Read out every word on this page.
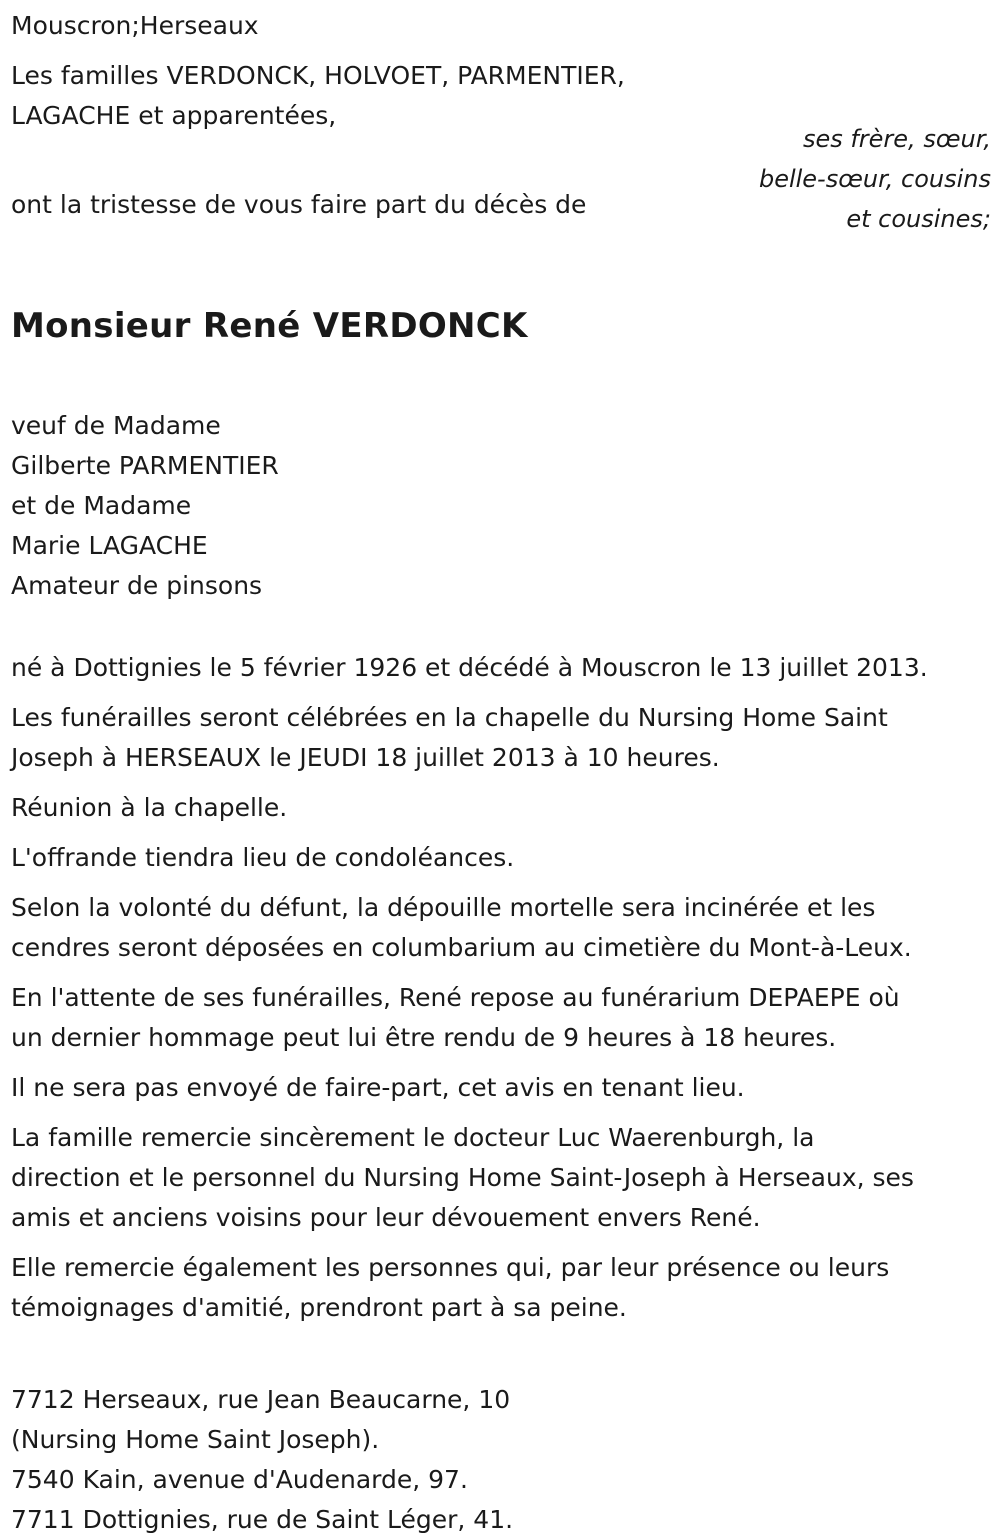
Mouscron;Herseaux
Les familles VERDONCK, HOLVOET, PARMENTIER,
LAGACHE et apparentées,
ont la tristesse de vous faire part du décès de
ses frère, sœur,
belle-sœur, cousins
et cousines;
Monsieur René VERDONCK
veuf de Madame
Gilberte PARMENTIER
et de Madame
Marie LAGACHE
Amateur de pinsons
né à Dottignies le 5 février 1926 et décédé à Mouscron le 13 juillet 2013.
Les funérailles seront célébrées en la chapelle du Nursing Home Saint
Joseph à HERSEAUX le JEUDI 18 juillet 2013 à 10 heures.
Réunion à la chapelle.
L'offrande tiendra lieu de condoléances.
Selon la volonté du défunt, la dépouille mortelle sera incinérée et les
cendres seront déposées en columbarium au cimetière du Mont-à-Leux.
En l'attente de ses funérailles, René repose au funérarium DEPAEPE où
un dernier hommage peut lui être rendu de 9 heures à 18 heures.
Il ne sera pas envoyé de faire-part, cet avis en tenant lieu.
La famille remercie sincèrement le docteur Luc Waerenburgh, la
direction et le personnel du Nursing Home Saint-Joseph à Herseaux, ses
amis et anciens voisins pour leur dévouement envers René.
Elle remercie également les personnes qui, par leur présence ou leurs
témoignages d'amitié, prendront part à sa peine.
7712 Herseaux, rue Jean Beaucarne, 10
(Nursing Home Saint Joseph).
7540 Kain, avenue d'Audenarde, 97.
7711 Dottignies, rue de Saint Léger, 41.
